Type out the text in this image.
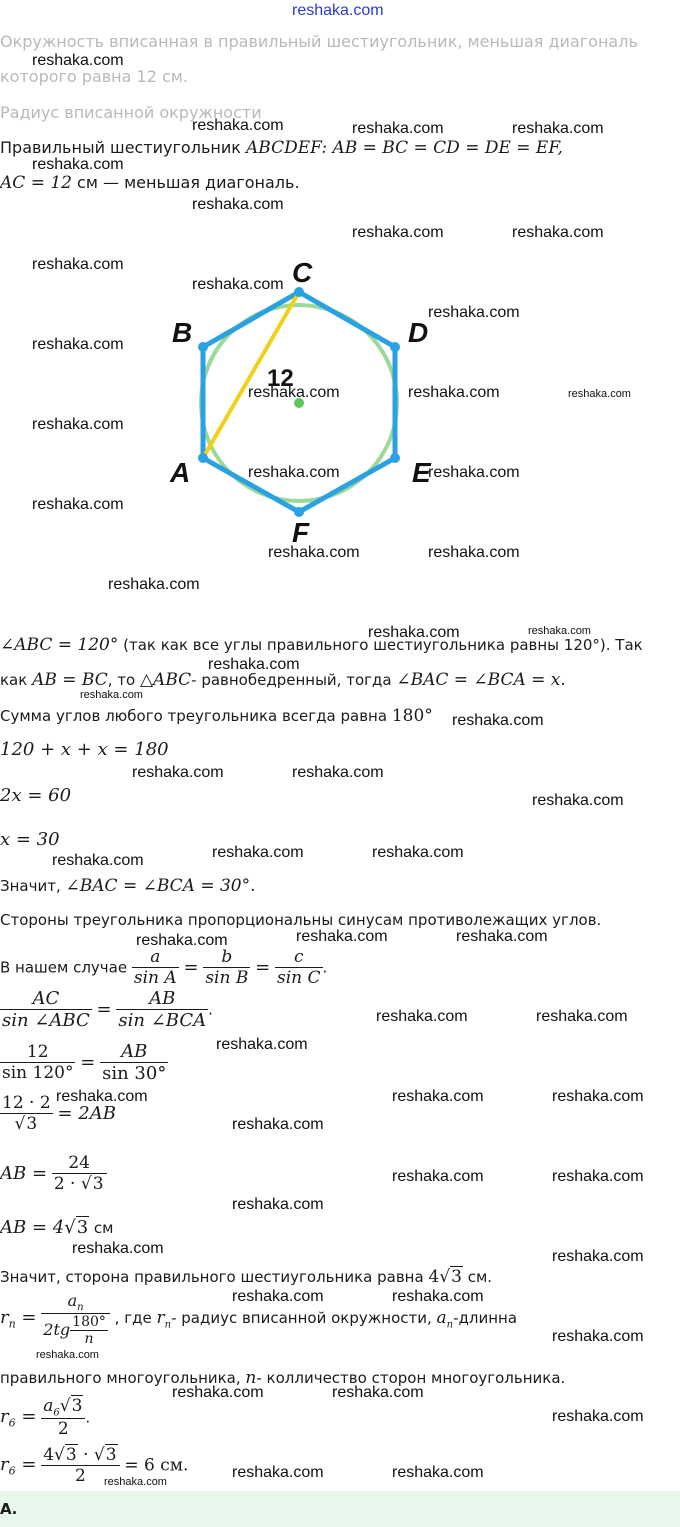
reshaka.com
Окружность вписанная в правильный шестиугольник, меньшая диагональ
которого равна 12 см.
Радиус вписанной окружности
Правильный шестиугольник ABCDEF: AB = BC = CD = DE = EF,
AC = 12 см — меньшая диагональ.
C
D
E
F
A
B
12
∠ABC = 120° (так как все углы правильного шестиугольника равны 120°). Так
как AB = BC, то △ABC- равнобедренный, тогда ∠BAC = ∠BCA = x.
Сумма углов любого треугольника всегда равна 180°
120 + x + x = 180
2x = 60
x = 30
Значит, ∠BAC = ∠BCA = 30°.
Стороны треугольника пропорциональны синусам противолежащих углов.
В нашем случае $\frac{a}{\text{sin A}} = \frac{b}{\text{sin B}} = \frac{c}{\text{sin C}}$ .
$\frac{AC}{\text{sin ∠ABC}} = \frac{AB}{\text{sin ∠BCA}}$ .
$\frac{12}{\sin 120^\circ} = \frac{AB}{\sin 30^\circ}$
$\frac{12 \cdot 2}{√3} = 2AB$
AB = $\frac{24}{2 \cdot √3}$
AB = 4√3 см
Значит, сторона правильного шестиугольника равна 4√3 см.
$r_n = \frac{a_n}{2tg \frac{180^\circ}{n}}$ , где $r_n-$ радиус вписанной окружности, $a_n$-длинна
правильного многоугольника, n- колличество сторон многоугольника.
$r_6 = \frac{a_6√3}{2}$ .
$r_6 = \frac{4√3 \cdot √3}{2} = 6$ см.
А.
reshaka.com
reshaka.com	reshaka.com	reshaka.com
reshaka.com
reshaka.com
reshaka.com	reshaka.com
reshaka.com
reshaka.com
reshaka.com
reshaka.com
reshaka.com	reshaka.com	reshaka.com
reshaka.com
reshaka.com	reshaka.com
reshaka.com
reshaka.com	reshaka.com
reshaka.com
reshaka.com	reshaka.com
reshaka.com
reshaka.com
reshaka.com
reshaka.com	reshaka.com
reshaka.com
reshaka.com	reshaka.com
reshaka.com
reshaka.com	reshaka.com	reshaka.com
reshaka.com	reshaka.com
reshaka.com
reshaka.com	reshaka.com	reshaka.com
reshaka.com
reshaka.com	reshaka.com
reshaka.com
reshaka.com	reshaka.com
reshaka.com	reshaka.com
reshaka.com
reshaka.com
reshaka.com	reshaka.com
reshaka.com
reshaka.com	reshaka.com
reshaka.com
